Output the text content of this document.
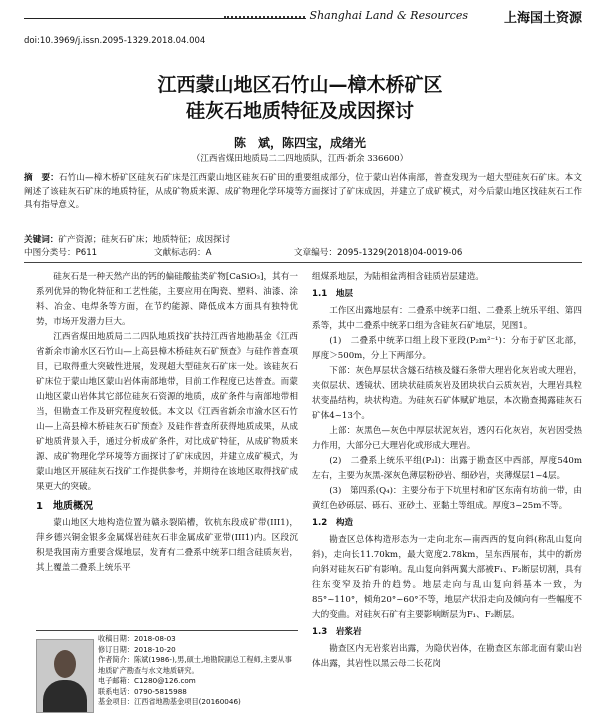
Shanghai Land & Resources	上海国土资源
doi:10.3969/j.issn.2095-1329.2018.04.004
江西蒙山地区石竹山—樟木桥矿区
硅灰石地质特征及成因探讨
陈　斌，陈四宝，成绪光
（江西省煤田地质局二二四地质队，江西·新余 336600）
摘　要：石竹山—樟木桥矿区硅灰石矿床是江西蒙山地区硅灰石矿田的重要组成部分，位于蒙山岩体南部，普查发现为一超大型硅灰石矿床。本文阐述了该硅灰石矿床的地质特征，从成矿物质来源、成矿物理化学环境等方面探讨了矿床成因，并建立了成矿模式，对今后蒙山地区找硅灰石工作具有指导意义。
关键词：矿产资源；硅灰石矿床；地质特征；成因探讨
中图分类号：P611	文献标志码：A	文章编号：2095-1329(2018)04-0019-06

硅灰石是一种天然产出的钙的偏硅酸盐类矿物[CaSiO₃]，其有一系列优异的物化特征和工艺性能，主要应用在陶瓷、塑料、油漆、涂料、冶金、电焊条等方面，在节约能源、降低成本方面具有独特优势，市场开发潜力巨大。

江西省煤田地质局二二四队地质找矿扶持江西省地勘基金《江西省新余市渝水区石竹山—上高县樟木桥硅灰石矿预查》与硅作普查项目，已取得重大突破性进展，发现超大型硅灰石矿床一处。该硅灰石矿床位于蒙山地区蒙山岩体南部地带，目前工作程度已达普查。而蒙山地区蒙山岩体其它部位硅灰石资源的地质，成矿条件与南部地带相当，但勘查工作及研究程度较低。本文以《江西省新余市渝水区石竹山—上高县樟木桥硅灰石矿预查》及硅作普查所获得地质成果，从成矿地质背景入手，通过分析成矿条件，对比成矿特征，从成矿物质来源、成矿物理化学环境等方面探讨了矿床成因，并建立成矿模式，为蒙山地区开展硅灰石找矿工作提供参考，并期待在该地区取得找矿成果更大的突破。

1　地质概况

蒙山地区大地构造位置为赣永裂陷槽，钦杭东段成矿带(III1)，萍乡德兴铜金银多金属煤岩硅灰石非金属成矿亚带(III1)内。区段沉积是我国南方重要含煤地层，发育有二叠系中统茅口组含硅质灰岩，其上覆盖二叠系上统乐平

收稿日期：2018-08-03
修订日期：2018-10-20
作者简介：陈斌(1986-),男,硕士,地勘院副总工程师,主要从事地质矿产勘查与水文地质研究。
电子邮箱：C1280@126.com
联系电话：0790-5815988
基金项目：江西省地勘基金项目(20160046)

组煤系地层，为陆相盆湾相含硅质岩层建造。

1.1　地层

工作区出露地层有：二叠系中统茅口组、二叠系上统乐平组、第四系等，其中二叠系中统茅口组为含硅灰石矿地层，见图1。

(1)　二叠系中统茅口组上段下亚段(P₂m²⁻¹)：分布于矿区北部，厚度＞500m，分上下两部分。

下部：灰色厚层状含燧石结核及燧石条带大理岩化灰岩或大理岩，夹似层状、透镜状、团块状硅质灰岩及团块状白云质灰岩，大理岩具粒状变晶结构，块状构造。为硅灰石矿体赋矿地层，本次勘查揭露硅灰石矿体4~13个。

上部：灰黑色—灰色中厚层状泥灰岩，透闪石化灰岩，灰岩因受热力作用，大部分已大理岩化或形成大理岩。

(2)　二叠系上统乐平组(P₂l)：出露于勘查区中西部，厚度540m左右，主要为灰黑-深灰色薄层粉砂岩、细砂岩，夹薄煤层1~4层。

(3)　第四系(Q₄)：主要分布于下坑里村和矿区东南有坊前一带，由黄红色砂砾层、砾石、亚砂土、亚黏土等组成。厚度3~25m不等。

1.2　构造

勘查区总体构造形态为一走向北东—南西西的复向斜(称乱山复向斜)，走向长11.70km，最大宽度2.78km，呈东西展布，其中的新房向斜对硅灰石矿有影响。乱山复向斜两翼大部被F₁、F₂断层切割，具有往东变窄及抬升的趋势。地层走向与乱山复向斜基本一致，为85°~110°，倾角20°~60°不等，地层产状沿走向及倾向有一些幅度不大的变曲。对硅灰石矿有主要影响断层为F₁、F₂断层。

1.3　岩浆岩

勘查区内无岩浆岩出露，为隐伏岩体，在勘查区东部北面有蒙山岩体出露，其岩性以黑云母二长花岗
